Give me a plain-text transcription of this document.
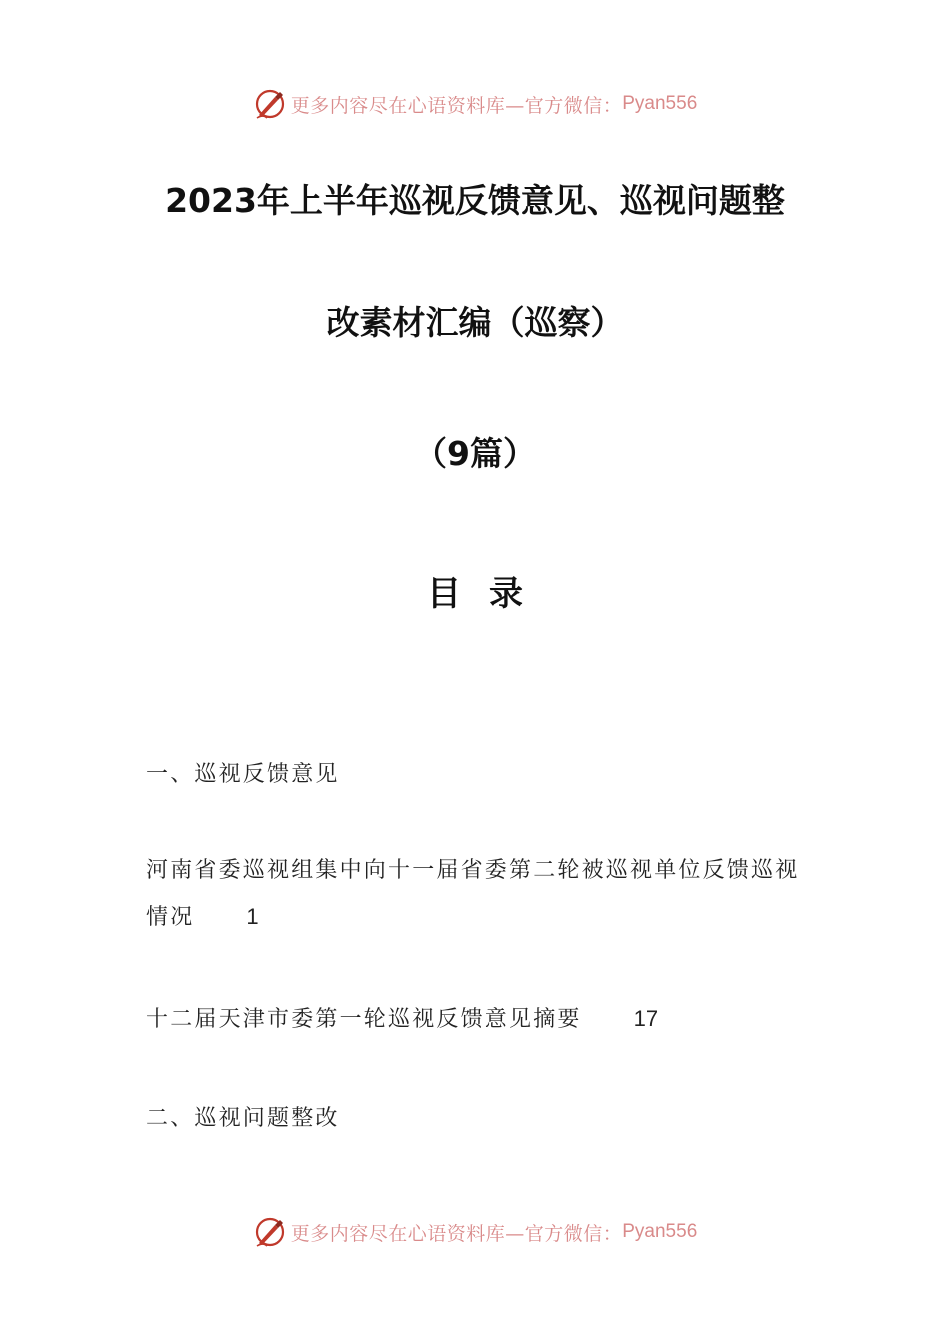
更多内容尽在心语资料库—官方微信： Pyan556
2023年上半年巡视反馈意见、巡视问题整
改素材汇编（巡察）
（9篇）
目录
一、巡视反馈意见
河南省委巡视组集中向十一届省委第二轮被巡视单位反馈巡视情况 1
十二届天津市委第一轮巡视反馈意见摘要 17
二、巡视问题整改
更多内容尽在心语资料库—官方微信： Pyan556
